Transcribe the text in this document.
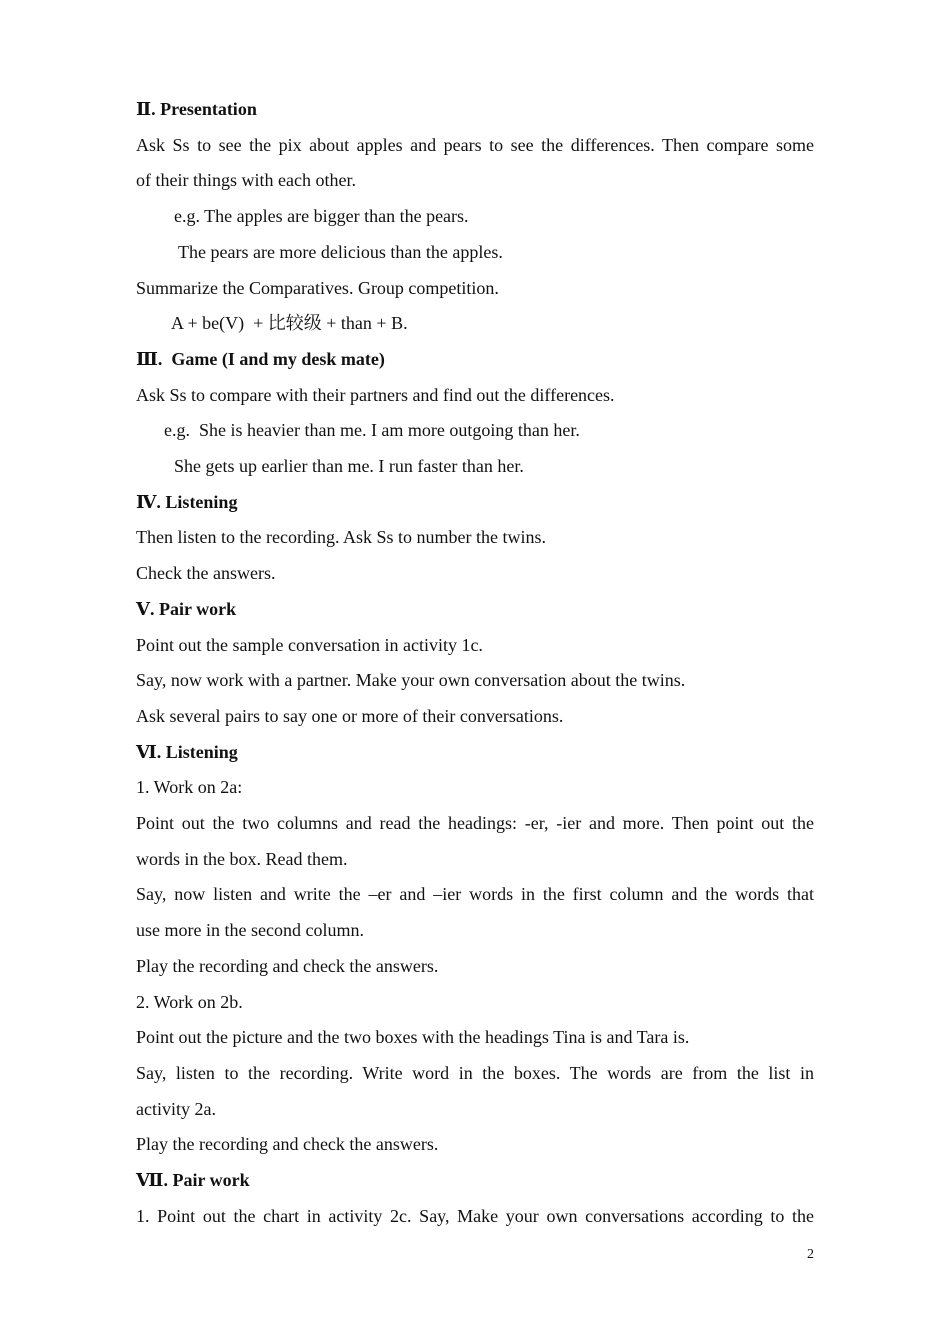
Ⅱ. Presentation

Ask Ss to see the pix about apples and pears to see the differences. Then compare some

of their things with each other.

e.g. The apples are bigger than the pears.

The pears are more delicious than the apples.

Summarize the Comparatives. Group competition.

A + be(V)  + 比较级 + than + B.

Ⅲ.  Game (I and my desk mate)

Ask Ss to compare with their partners and find out the differences.

e.g.  She is heavier than me. I am more outgoing than her.

She gets up earlier than me. I run faster than her.

Ⅳ. Listening

Then listen to the recording. Ask Ss to number the twins.

Check the answers.

Ⅴ. Pair work

Point out the sample conversation in activity 1c.

Say, now work with a partner. Make your own conversation about the twins.

Ask several pairs to say one or more of their conversations.

Ⅵ. Listening

1. Work on 2a:

Point out the two columns and read the headings: -er, -ier and more. Then point out the

words in the box. Read them.

Say, now listen and write the –er and –ier words in the first column and the words that

use more in the second column.

Play the recording and check the answers.

2. Work on 2b.

Point out the picture and the two boxes with the headings Tina is and Tara is.

Say, listen to the recording. Write word in the boxes. The words are from the list in

activity 2a.

Play the recording and check the answers.

Ⅶ. Pair work

1. Point out the chart in activity 2c. Say, Make your own conversations according to the

2
